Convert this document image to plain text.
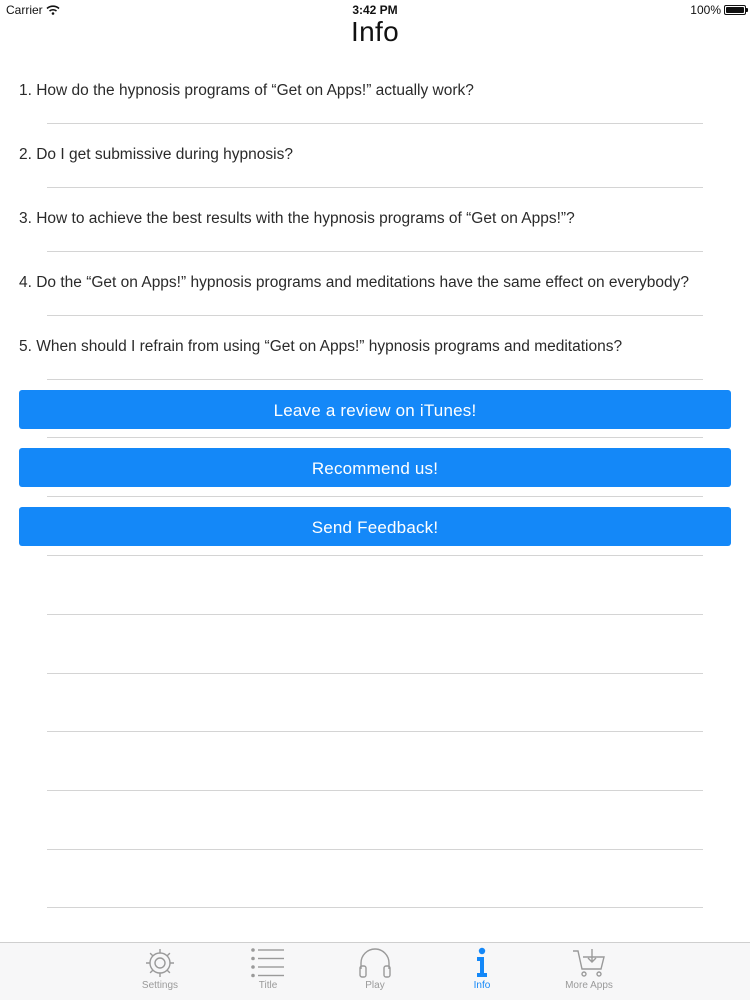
Carrier	3:42 PM	100%
Info
1. How do the hypnosis programs of “Get on Apps!” actually work?
2. Do I get submissive during hypnosis?
3. How to achieve the best results with the hypnosis programs of “Get on Apps!”?
4. Do the “Get on Apps!” hypnosis programs and meditations have the same effect on everybody?
5. When should I refrain from using “Get on Apps!” hypnosis programs and meditations?
Leave a review on iTunes!
Recommend us!
Send Feedback!
Settings	Title	Play	Info	More Apps
